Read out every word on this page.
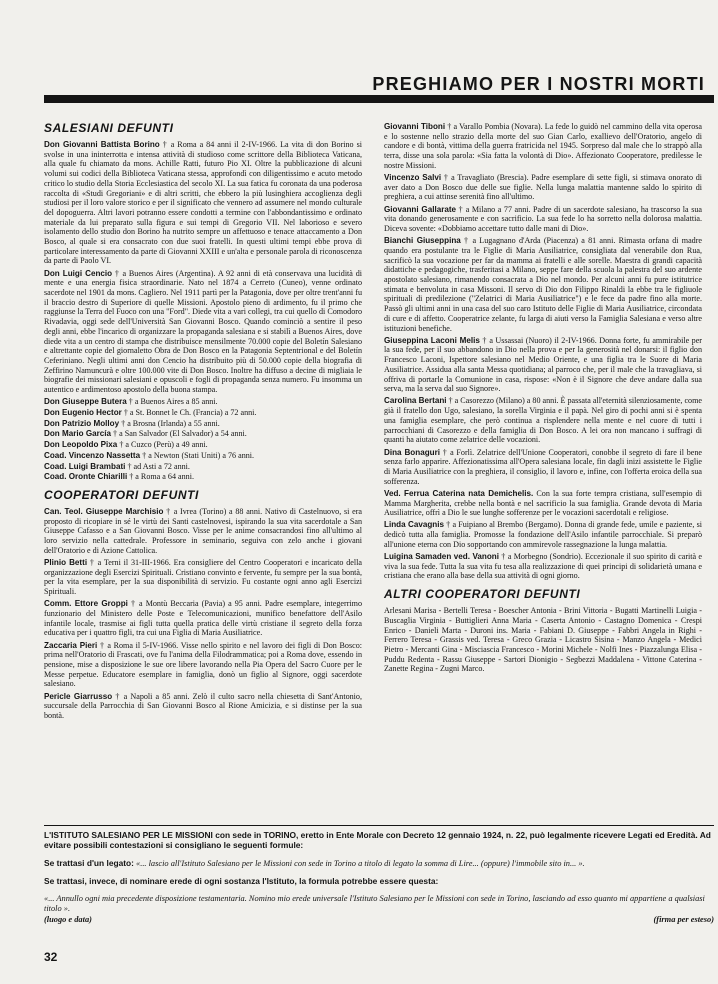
PREGHIAMO PER I NOSTRI MORTI
SALESIANI DEFUNTI
Don Giovanni Battista Borino † a Roma a 84 anni il 2-IV-1966. La vita di don Borino si svolse in una ininterrotta e intensa attività di studioso come scrittore della Biblioteca Vaticana, alla quale fu chiamato da mons. Achille Ratti, futuro Pio XI. Oltre la pubblicazione di alcuni volumi sui codici della Biblioteca Vaticana stessa, approfondì con diligentissimo e acuto metodo critico lo studio della Storia Ecclesiastica del secolo XI. La sua fatica fu coronata da una poderosa raccolta di «Studi Gregoriani» e di altri scritti, che ebbero la più lusinghiera accoglienza degli studiosi per il loro valore storico e per il significato che vennero ad assumere nel mondo culturale del dopoguerra. Altri lavori potranno essere condotti a termine con l'abbondantissimo e ordinato materiale da lui preparato sulla figura e sui tempi di Gregorio VII. Nel laborioso e severo isolamento dello studio don Borino ha nutrito sempre un affettuoso e tenace attaccamento a Don Bosco, al quale si era consacrato con due suoi fratelli. In questi ultimi tempi ebbe prova di particolare interessamento da parte di Giovanni XXIII e un'alta e personale parola di riconoscenza da parte di Paolo VI.
Don Luigi Cencio † a Buenos Aires (Argentina). A 92 anni di età conservava una lucidità di mente e una energia fisica straordinarie. Nato nel 1874 a Cerreto (Cuneo), venne ordinato sacerdote nel 1901 da mons. Cagliero. Nel 1911 partì per la Patagonia, dove per oltre trent'anni fu il braccio destro di Superiore di quelle Missioni. Apostolo pieno di ardimento, fu il primo che raggiunse la Terra del Fuoco con una "Ford". Diede vita a vari collegi, tra cui quello di Comodoro Rivadavia, oggi sede dell'Università San Giovanni Bosco. Quando cominciò a sentire il peso degli anni, ebbe l'incarico di organizzare la propaganda salesiana e si stabilì a Buenos Aires, dove diede vita a un centro di stampa che distribuisce mensilmente 70.000 copie del Boletín Salesiano e altrettante copie del giornaletto Obra de Don Bosco en la Patagonia Septentrional e del Boletín Ceferiniano. Negli ultimi anni don Cencio ha distribuito più di 50.000 copie della biografia di Zeffirino Namuncurà e oltre 100.000 vite di Don Bosco. Inoltre ha diffuso a decine di migliaia le biografie dei missionari salesiani e opuscoli e fogli di propaganda senza numero. Fu insomma un autentico e ardimentoso apostolo della buona stampa.
Don Giuseppe Butera † a Buenos Aires a 85 anni.
Don Eugenio Hector † a St. Bonnet le Ch. (Francia) a 72 anni.
Don Patrizio Molloy † a Brosna (Irlanda) a 55 anni.
Don Mario García † a San Salvador (El Salvador) a 54 anni.
Don Leopoldo Pixa † a Cuzco (Perù) a 49 anni.
Coad. Vincenzo Nassetta † a Newton (Stati Uniti) a 76 anni.
Coad. Luigi Brambati † ad Asti a 72 anni.
Coad. Oronte Chiarilli † a Roma a 64 anni.
COOPERATORI DEFUNTI
Can. Teol. Giuseppe Marchisio † a Ivrea (Torino) a 88 anni. Nativo di Castelnuovo, si era proposto di ricopiare in sé le virtù dei Santi castelnovesi, ispirando la sua vita sacerdotale a San Giuseppe Cafasso e a San Giovanni Bosco. Visse per le anime consacrandosi fino all'ultimo al loro servizio nella cattedrale. Professore in seminario, seguiva con zelo anche i giovani dell'Oratorio e di Azione Cattolica.
Plinio Betti † a Terni il 31-III-1966. Era consigliere del Centro Cooperatori e incaricato della organizzazione degli Esercizi Spirituali. Cristiano convinto e fervente, fu sempre per la sua bontà, per la vita esemplare, per la sua disponibilità di servizio. Fu costante ogni anno agli Esercizi Spirituali.
Comm. Ettore Groppi † a Montù Beccaria (Pavia) a 95 anni. Padre esemplare, integerrimo funzionario del Ministero delle Poste e Telecomunicazioni, munifico benefattore dell'Asilo infantile locale, trasmise ai figli tutta quella pratica delle virtù cristiane il segreto della forza educativa per i quattro figli, tra cui una Figlia di Maria Ausiliatrice.
Zaccaria Pieri † a Roma il 5-IV-1966. Visse nello spirito e nel lavoro dei figli di Don Bosco: prima nell'Oratorio di Frascati, ove fu l'anima della Filodrammatica; poi a Roma dove, essendo in pensione, mise a disposizione le sue ore libere lavorando nella Pia Opera del Sacro Cuore per le Messe perpetue. Educatore esemplare in famiglia, donò un figlio al Signore, oggi sacerdote salesiano.
Pericle Giarrusso † a Napoli a 85 anni. Zelò il culto sacro nella chiesetta di Sant'Antonio, succursale della Parrocchia di San Giovanni Bosco al Rione Amicizia, e si distinse per la sua bontà.
Giovanni Tiboni † a Varallo Pombia (Novara). La fede lo guidò nel cammino della vita operosa e lo sostenne nello strazio della morte del suo Gian Carlo, exallievo dell'Oratorio, angelo di candore e di bontà, vittima della guerra fratricida nel 1945. Sorpreso dal male che lo strappò alla terra, disse una sola parola: «Sia fatta la volontà di Dio». Affezionato Cooperatore, predilesse le nostre Missioni.
Vincenzo Salvi † a Travagliato (Brescia). Padre esemplare di sette figli, si stimava onorato di aver dato a Don Bosco due delle sue figlie. Nella lunga malattia mantenne saldo lo spirito di preghiera, a cui attinse serenità fino all'ultimo.
Giovanni Gallarate † a Milano a 77 anni. Padre di un sacerdote salesiano, ha trascorso la sua vita donando generosamente e con sacrificio. La sua fede lo ha sorretto nella dolorosa malattia. Diceva sovente: «Dobbiamo accettare tutto dalle mani di Dio».
Bianchi Giuseppina † a Lugagnano d'Arda (Piacenza) a 81 anni. Rimasta orfana di madre quando era postulante tra le Figlie di Maria Ausiliatrice, consigliata dal venerabile don Rua, sacrificò la sua vocazione per far da mamma ai fratelli e alle sorelle. Maestra di grandi capacità didattiche e pedagogiche, trasferitasi a Milano, seppe fare della scuola la palestra del suo ardente apostolato salesiano, rimanendo consacrata a Dio nel mondo. Per alcuni anni fu pure istitutrice stimata e benvoluta in casa Missoni. Il servo di Dio don Filippo Rinaldi la ebbe tra le figliuole spirituali di predilezione ("Zelatrici di Maria Ausiliatrice") e le fece da padre fino alla morte. Passò gli ultimi anni in una casa del suo caro Istituto delle Figlie di Maria Ausiliatrice, circondata di cure e di affetto. Cooperatrice zelante, fu larga di aiuti verso la Famiglia Salesiana e verso altre istituzioni benefiche.
Giuseppina Laconi Melis † a Ussassai (Nuoro) il 2-IV-1966. Donna forte, fu ammirabile per la sua fede, per il suo abbandono in Dio nella prova e per la generosità nel donarsi: il figlio don Francesco Laconi, Ispettore salesiano nel Medio Oriente, e una figlia tra le Suore di Maria Ausiliatrice. Assidua alla santa Messa quotidiana; al parroco che, per il male che la travagliava, si offriva di portarle la Comunione in casa, rispose: «Non è il Signore che deve andare dalla sua serva, ma la serva dal suo Signore».
Carolina Bertani † a Casorezzo (Milano) a 80 anni. È passata all'eternità silenziosamente, come già il fratello don Ugo, salesiano, la sorella Virginia e il papà. Nel giro di pochi anni si è spenta una famiglia esemplare, che però continua a risplendere nella mente e nel cuore di tutti i parrocchiani di Casorezzo e della famiglia di Don Bosco. A lei ora non mancano i suffragi di quanti ha aiutato come zelatrice delle vocazioni.
Dina Bonaguri † a Forlì. Zelatrice dell'Unione Cooperatori, conobbe il segreto di fare il bene senza farlo apparire. Affezionatissima all'Opera salesiana locale, fin dagli inizi assistette le Figlie di Maria Ausiliatrice con la preghiera, il consiglio, il lavoro e, infine, con l'offerta eroica della sua sofferenza.
Ved. Ferrua Caterina nata Demichelis. Con la sua forte tempra cristiana, sull'esempio di Mamma Margherita, crebbe nella bontà e nel sacrificio la sua famiglia. Grande devota di Maria Ausiliatrice, offrì a Dio le sue lunghe sofferenze per le vocazioni sacerdotali e religiose.
Linda Cavagnis † a Fuipiano al Brembo (Bergamo). Donna di grande fede, umile e paziente, si dedicò tutta alla famiglia. Promosse la fondazione dell'Asilo infantile parrocchiale. Si preparò all'unione eterna con Dio sopportando con ammirevole rassegnazione la lunga malattia.
Luigina Samaden ved. Vanoni † a Morbegno (Sondrio). Eccezionale il suo spirito di carità e viva la sua fede. Tutta la sua vita fu tesa alla realizzazione di quei principi di solidarietà umana e cristiana che erano alla base della sua attività di ogni giorno.
ALTRI COOPERATORI DEFUNTI
Arlesani Marisa - Bertelli Teresa - Boescher Antonia - Brini Vittoria - Bugatti Martinelli Luigia - Buscaglia Virginia - Buttiglieri Anna Maria - Caserta Antonio - Castagno Domenica - Crespi Enrico - Danieli Marta - Duroni ins. Maria - Fabiani D. Giuseppe - Fabbri Angela in Righi - Ferrero Teresa - Grassis ved. Teresa - Greco Grazia - Licastro Sisina - Manzo Angela - Medici Pietro - Mercanti Gina - Misciascia Francesco - Morini Michele - Nolfi Ines - Piazzalunga Elisa - Puddu Redenta - Rassu Giuseppe - Sartori Dionigio - Segbezzi Maddalena - Vittone Caterina - Zanette Regina - Zugni Marco.

L'ISTITUTO SALESIANO PER LE MISSIONI con sede in TORINO, eretto in Ente Morale con Decreto 12 gennaio 1924, n. 22, può legalmente ricevere Legati ed Eredità. Ad evitare possibili contestazioni si consigliano le seguenti formule:

Se trattasi d'un legato: «... lascio all'Istituto Salesiano per le Missioni con sede in Torino a titolo di legato la somma di Lire... (oppure) l'immobile sito in... ».

Se trattasi, invece, di nominare erede di ogni sostanza l'Istituto, la formula potrebbe essere questa:

«... Annullo ogni mia precedente disposizione testamentaria. Nomino mio erede universale l'Istituto Salesiano per le Missioni con sede in Torino, lasciando ad esso quanto mi appartiene a qualsiasi titolo ».

(luogo e data)	(firma per esteso)
32
